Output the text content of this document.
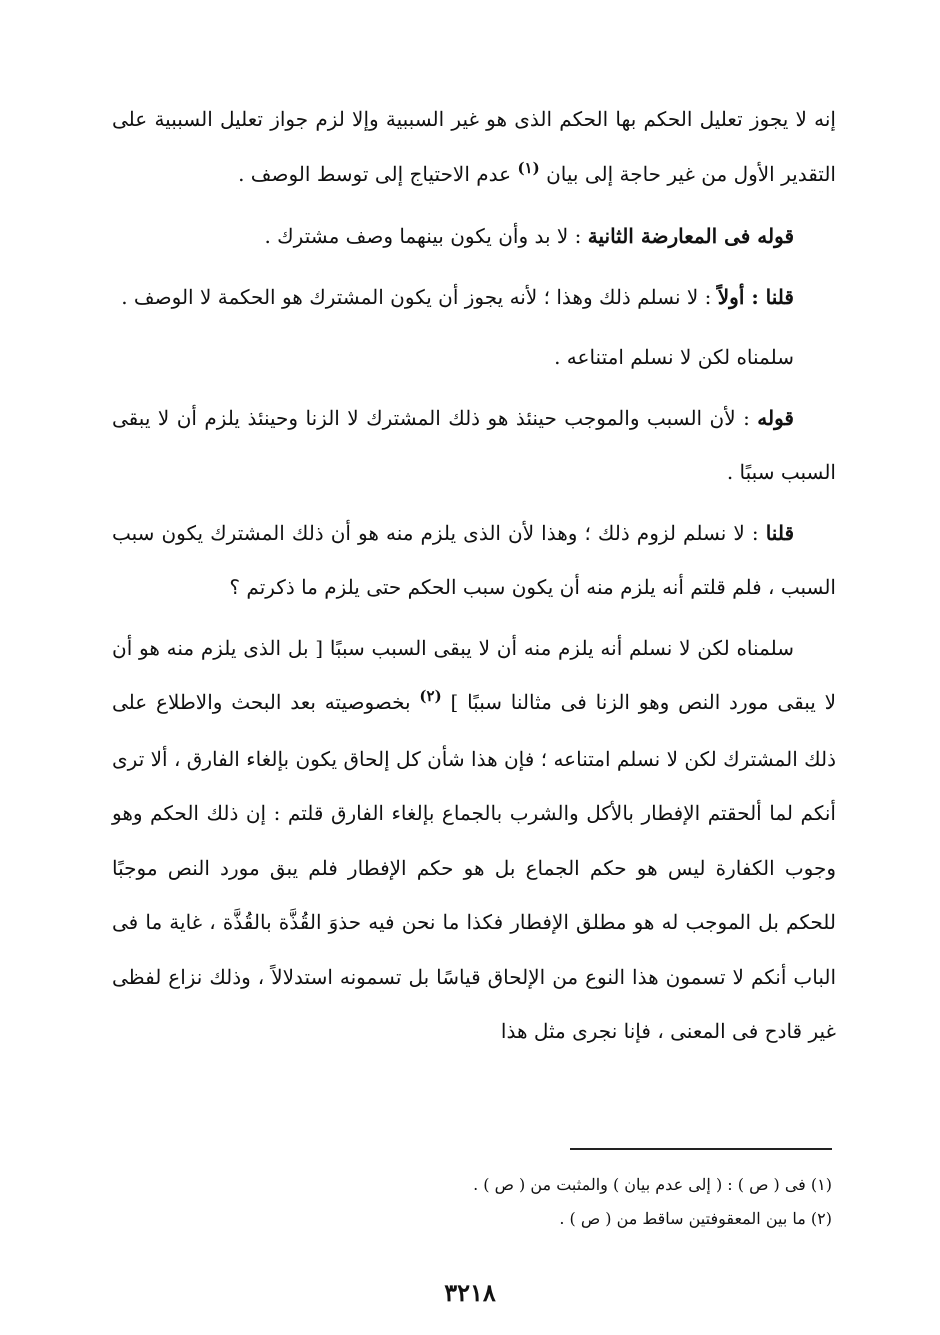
إنه لا يجوز تعليل الحكم بها الحكم الذى هو غير السببية وإلا لزم جواز تعليل السببية على التقدير الأول من غير حاجة إلى بيان $^{(١)}$ عدم الاحتياج إلى توسط الوصف .

قوله فى المعارضة الثانية : لا بد وأن يكون بينهما وصف مشترك .

قلنا : أولاً : لا نسلم ذلك وهذا ؛ لأنه يجوز أن يكون المشترك هو الحكمة لا الوصف .

سلمناه لكن لا نسلم امتناعه .

قوله : لأن السبب والموجب حينئذ هو ذلك المشترك لا الزنا وحينئذ يلزم أن لا يبقى السبب سببًا .

قلنا : لا نسلم لزوم ذلك ؛ وهذا لأن الذى يلزم منه هو أن ذلك المشترك يكون سبب السبب ، فلم قلتم أنه يلزم منه أن يكون سبب الحكم حتى يلزم ما ذكرتم ؟

سلمناه لكن لا نسلم أنه يلزم منه أن لا يبقى السبب سببًا [ بل الذى يلزم منه هو أن لا يبقى مورد النص وهو الزنا فى مثالنا سببًا ] $^{(٢)}$ بخصوصيته بعد البحث والاطلاع على ذلك المشترك لكن لا نسلم امتناعه ؛ فإن هذا شأن كل إلحاق يكون بإلغاء الفارق ، ألا ترى أنكم لما ألحقتم الإفطار بالأكل والشرب بالجماع بإلغاء الفارق قلتم : إن ذلك الحكم وهو وجوب الكفارة ليس هو حكم الجماع بل هو حكم الإفطار فلم يبق مورد النص موجبًا للحكم بل الموجب له هو مطلق الإفطار فكذا ما نحن فيه حذوَ القُذَّة بالقُذَّة ، غاية ما فى الباب أنكم لا تسمون هذا النوع من الإلحاق قياسًا بل تسمونه استدلالاً ، وذلك نزاع لفظى غير قادح فى المعنى ، فإنا نجرى مثل هذا

(١) فى ( ص ) : ( إلى عدم بيان ) والمثبت من ( ص ) .

(٢) ما بين المعقوفتين ساقط من ( ص ) .

٣٢١٨
